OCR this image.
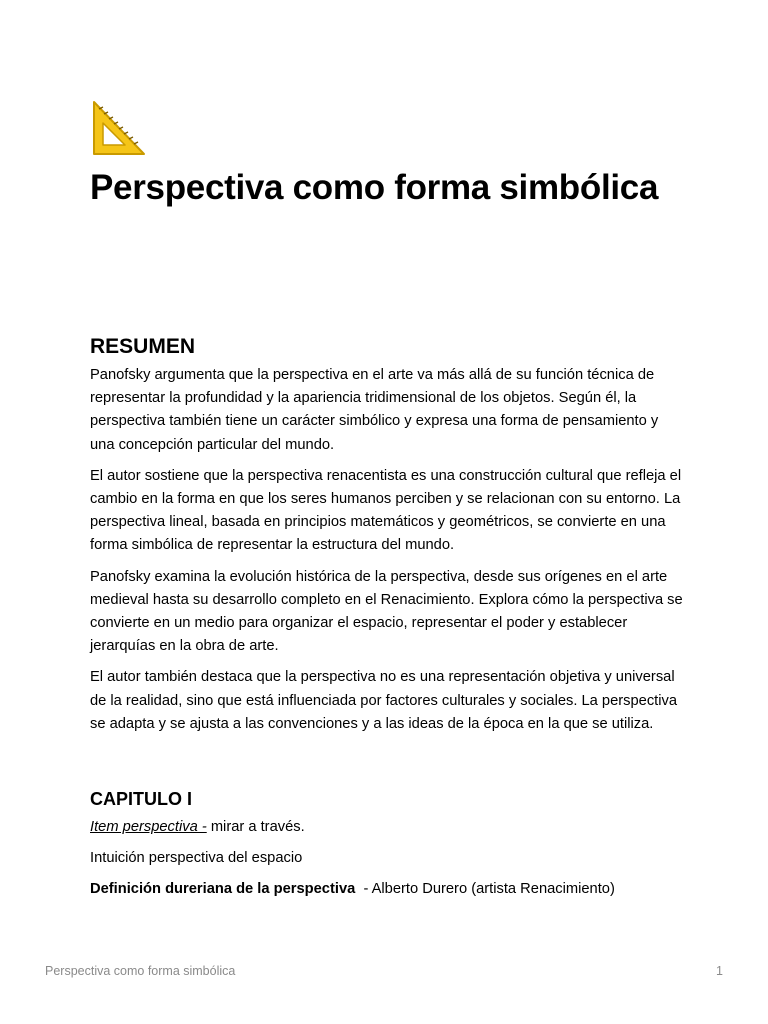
Perspectiva como forma simbólica
RESUMEN

Panofsky argumenta que la perspectiva en el arte va más allá de su función técnica de representar la profundidad y la apariencia tridimensional de los objetos. Según él, la perspectiva también tiene un carácter simbólico y expresa una forma de pensamiento y una concepción particular del mundo.

El autor sostiene que la perspectiva renacentista es una construcción cultural que refleja el cambio en la forma en que los seres humanos perciben y se relacionan con su entorno. La perspectiva lineal, basada en principios matemáticos y geométricos, se convierte en una forma simbólica de representar la estructura del mundo.

Panofsky examina la evolución histórica de la perspectiva, desde sus orígenes en el arte medieval hasta su desarrollo completo en el Renacimiento. Explora cómo la perspectiva se convierte en un medio para organizar el espacio, representar el poder y establecer jerarquías en la obra de arte.

El autor también destaca que la perspectiva no es una representación objetiva y universal de la realidad, sino que está influenciada por factores culturales y sociales. La perspectiva se adapta y se ajusta a las convenciones y a las ideas de la época en la que se utiliza.

CAPITULO I

Item perspectiva - mirar a través.

Intuición perspectiva del espacio

Definición dureriana de la perspectiva  - Alberto Durero (artista Renacimiento)

Perspectiva como forma simbólica	1
